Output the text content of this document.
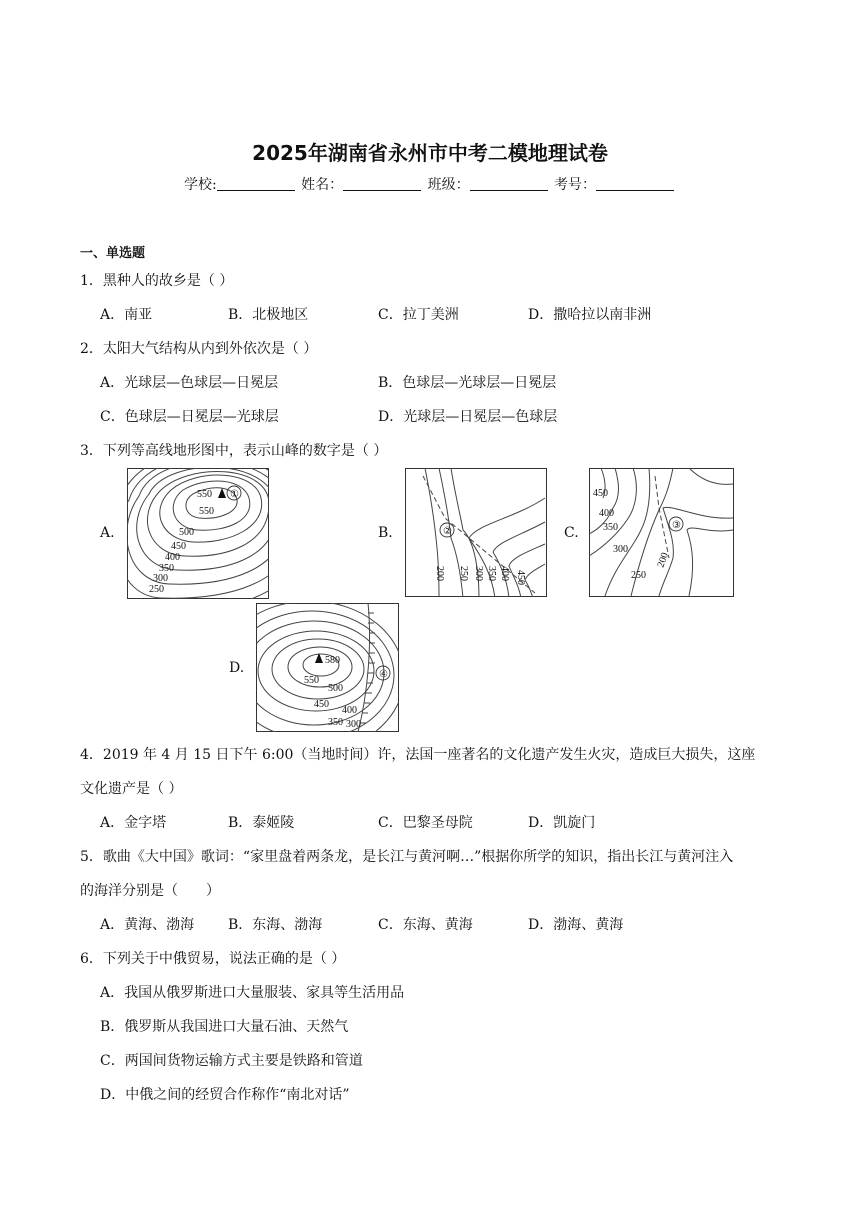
2025年湖南省永州市中考二模地理试卷
学校:	姓名：	班级：	考号：
一、单选题
1．黑种人的故乡是（ ）
A．南亚	B．北极地区	C．拉丁美洲	D．撒哈拉以南非洲
2．太阳大气结构从内到外依次是（ ）
A．光球层—色球层—日冕层	B．色球层—光球层—日冕层
C．色球层—日冕层—光球层	D．光球层—日冕层—色球层
3．下列等高线地形图中，表示山峰的数字是（ ）
A.
550 ①
550
500
450
400
350
300
250
B.	②
200 250 300 350 400 450
C.
450
400
350
300
③
250
200
D.	580
④
550
500
450
400
350 300
4．2019 年 4 月 15 日下午 6:00（当地时间）许，法国一座著名的文化遗产发生火灾，造成巨大损失，这座
文化遗产是（ ）
A．金字塔	B．泰姬陵	C．巴黎圣母院	D．凯旋门
5．歌曲《大中国》歌词：“家里盘着两条龙，是长江与黄河啊…”根据你所学的知识，指出长江与黄河注入
的海洋分别是（　　）
A．黄海、渤海 B．东海、渤海	C．东海、黄海	D．渤海、黄海
6．下列关于中俄贸易，说法正确的是（ ）
A．我国从俄罗斯进口大量服装、家具等生活用品
B．俄罗斯从我国进口大量石油、天然气
C．两国间货物运输方式主要是铁路和管道
D．中俄之间的经贸合作称作“南北对话”
